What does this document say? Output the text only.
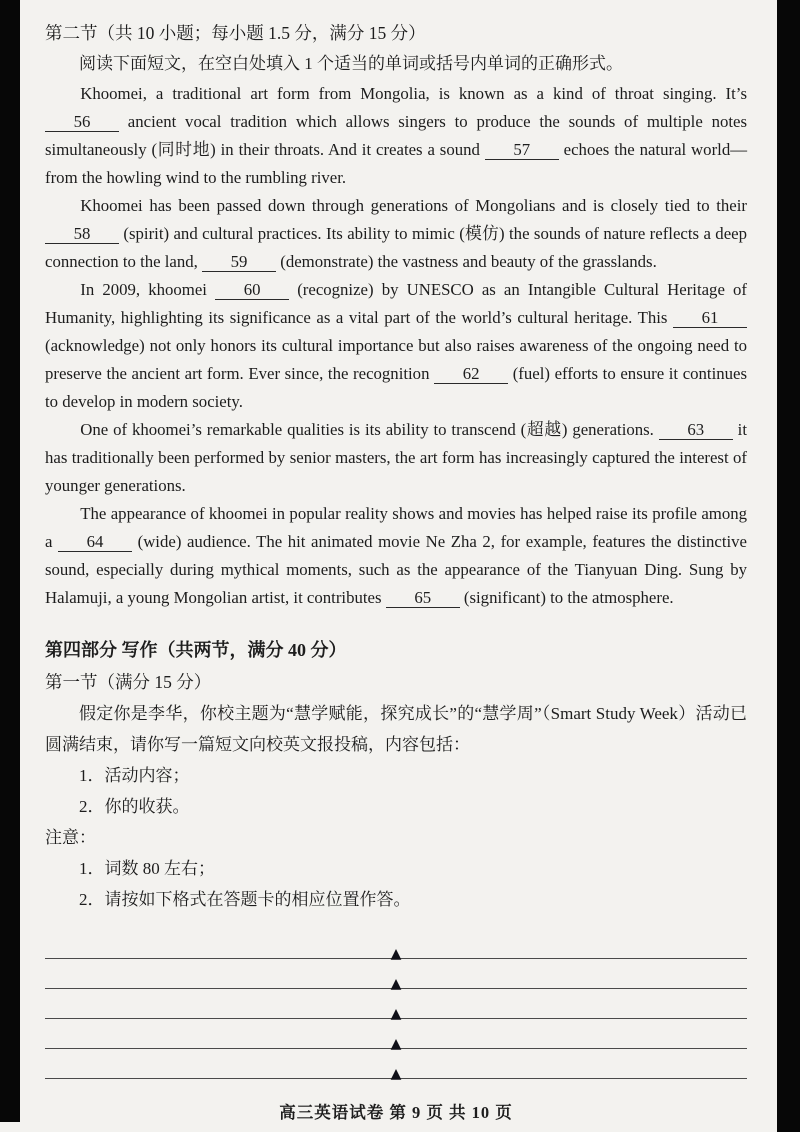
第二节（共 10 小题；每小题 1.5 分，满分 15 分）
阅读下面短文，在空白处填入 1 个适当的单词或括号内单词的正确形式。

Khoomei, a traditional art form from Mongolia, is known as a kind of throat singing. It’s 56 ancient vocal tradition which allows singers to produce the sounds of multiple notes simultaneously (同时地) in their throats. And it creates a sound 57 echoes the natural world—from the howling wind to the rumbling river.

Khoomei has been passed down through generations of Mongolians and is closely tied to their 58 (spirit) and cultural practices. Its ability to mimic (模仿) the sounds of nature reflects a deep connection to the land, 59 (demonstrate) the vastness and beauty of the grasslands.

In 2009, khoomei 60 (recognize) by UNESCO as an Intangible Cultural Heritage of Humanity, highlighting its significance as a vital part of the world’s cultural heritage. This 61 (acknowledge) not only honors its cultural importance but also raises awareness of the ongoing need to preserve the ancient art form. Ever since, the recognition 62 (fuel) efforts to ensure it continues to develop in modern society.

One of khoomei’s remarkable qualities is its ability to transcend (超越) generations. 63 it has traditionally been performed by senior masters, the art form has increasingly captured the interest of younger generations.

The appearance of khoomei in popular reality shows and movies has helped raise its profile among a 64 (wide) audience. The hit animated movie Ne Zha 2, for example, features the distinctive sound, especially during mythical moments, such as the appearance of the Tianyuan Ding. Sung by Halamuji, a young Mongolian artist, it contributes 65 (significant) to the atmosphere.

第四部分 写作（共两节，满分 40 分）
第一节（满分 15 分）

假定你是李华，你校主题为“慧学赋能，探究成长”的“慧学周”（Smart Study Week）活动已圆满结束，请你写一篇短文向校英文报投稿，内容包括：

1．活动内容；
2．你的收获。
注意：
1．词数 80 左右；
2．请按如下格式在答题卡的相应位置作答。
▲
▲
▲
▲
▲
高三英语试卷 第 9 页 共 10 页
